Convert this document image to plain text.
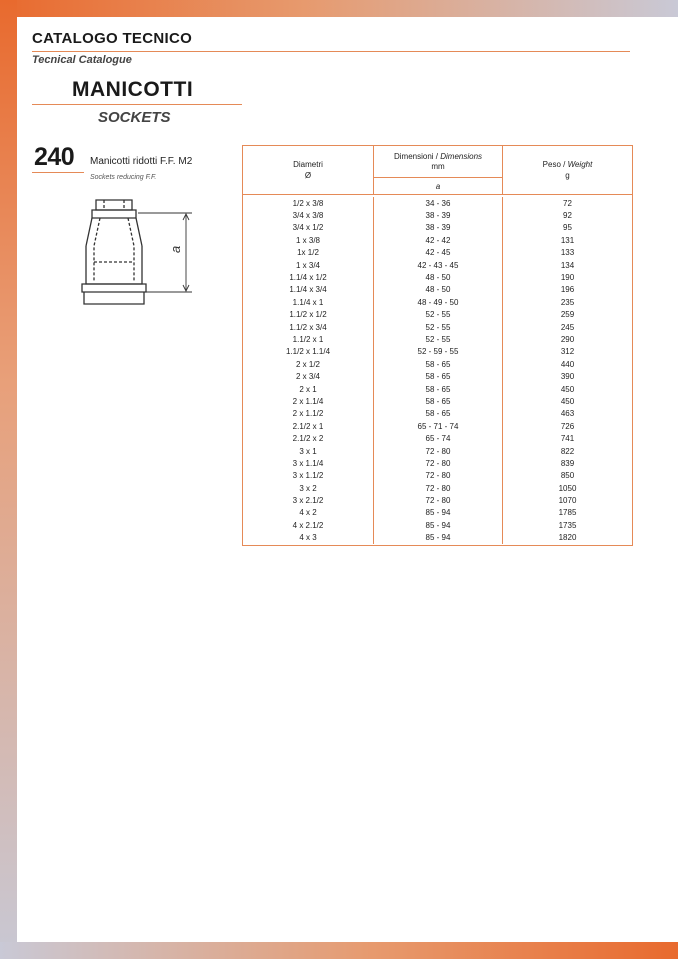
CATALOGO TECNICO
Tecnical Catalogue
MANICOTTI
SOCKETS
240 Manicotti ridotti F.F. M2
Sockets reducing F.F.
a
Diametri
Ø
Dimensioni / Dimensions
mm
a
Peso / Weight
g
1/2 x 3/8	34 - 36	72
3/4 x 3/8	38 - 39	92
3/4 x 1/2	38 - 39	95
1 x 3/8	42 - 42	131
1x 1/2	42 - 45	133
1 x 3/4	42 - 43 - 45	134
1.1/4 x 1/2	48 - 50	190
1.1/4 x 3/4	48 - 50	196
1.1/4 x 1	48 - 49 - 50	235
1.1/2 x 1/2	52 - 55	259
1.1/2 x 3/4	52 - 55	245
1.1/2 x 1	52 - 55	290
1.1/2 x 1.1/4	52 - 59 - 55	312
2 x 1/2	58 - 65	440
2 x 3/4	58 - 65	390
2 x 1	58 - 65	450
2 x 1.1/4	58 - 65	450
2 x 1.1/2	58 - 65	463
2.1/2 x 1	65 - 71 - 74	726
2.1/2 x 2	65 - 74	741
3 x 1	72 - 80	822
3 x 1.1/4	72 - 80	839
3 x 1.1/2	72 - 80	850
3 x 2	72 - 80	1050
3 x 2.1/2	72 - 80	1070
4 x 2	85 - 94	1785
4 x 2.1/2	85 - 94	1735
4 x 3	85 - 94	1820
